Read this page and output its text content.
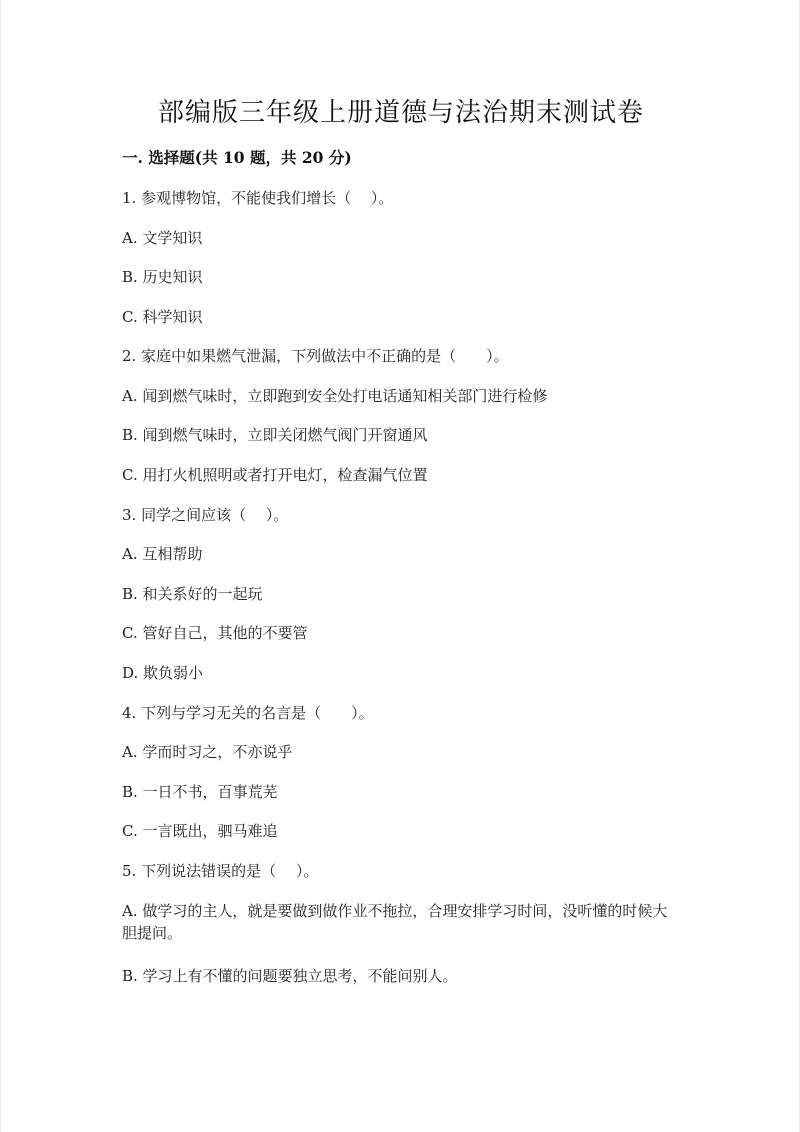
部编版三年级上册道德与法治期末测试卷
一. 选择题(共 10 题，共 20 分)
1. 参观博物馆，不能使我们增长（　 ）。
A. 文学知识
B. 历史知识
C. 科学知识
2. 家庭中如果燃气泄漏，下列做法中不正确的是（　　）。
A. 闻到燃气味时，立即跑到安全处打电话通知相关部门进行检修
B. 闻到燃气味时，立即关闭燃气阀门开窗通风
C. 用打火机照明或者打开电灯，检查漏气位置
3. 同学之间应该（　 ）。
A. 互相帮助
B. 和关系好的一起玩
C. 管好自己，其他的不要管
D. 欺负弱小
4. 下列与学习无关的名言是（　　）。
A. 学而时习之，不亦说乎
B. 一日不书，百事荒芜
C. 一言既出，驷马难追
5. 下列说法错误的是（　 ）。
A. 做学习的主人，就是要做到做作业不拖拉，合理安排学习时间，没听懂的时候大胆提问。
B. 学习上有不懂的问题要独立思考，不能问别人。
